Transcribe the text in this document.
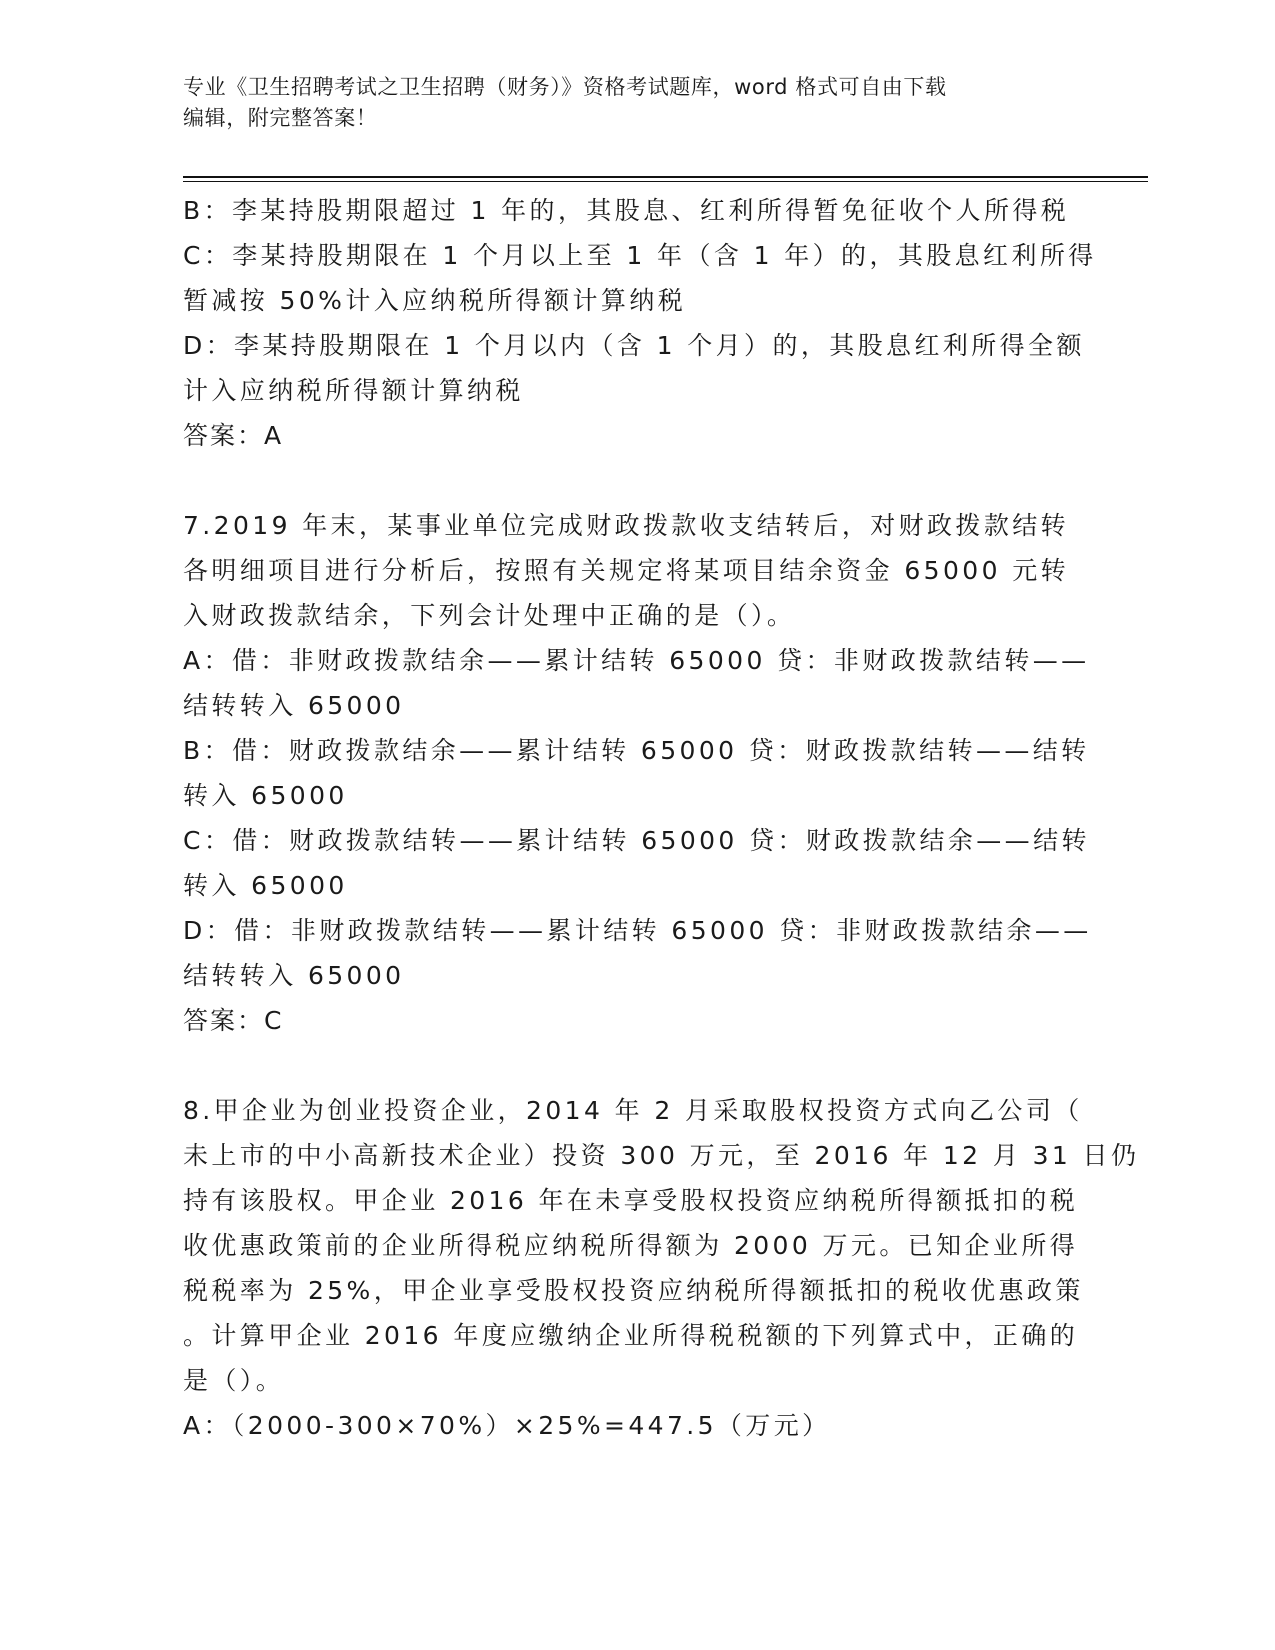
专业《卫生招聘考试之卫生招聘（财务）》资格考试题库，word 格式可自由下载
编辑，附完整答案！
B：李某持股期限超过 1 年的，其股息、红利所得暂免征收个人所得税
C：李某持股期限在 1 个月以上至 1 年（含 1 年）的，其股息红利所得
暂减按 50%计入应纳税所得额计算纳税
D：李某持股期限在 1 个月以内（含 1 个月）的，其股息红利所得全额
计入应纳税所得额计算纳税
答案：A
7.2019 年末，某事业单位完成财政拨款收支结转后，对财政拨款结转
各明细项目进行分析后，按照有关规定将某项目结余资金 65000 元转
入财政拨款结余，下列会计处理中正确的是（）。
A：借：非财政拨款结余——累计结转 65000 贷：非财政拨款结转——
结转转入 65000
B：借：财政拨款结余——累计结转 65000 贷：财政拨款结转——结转
转入 65000
C：借：财政拨款结转——累计结转 65000 贷：财政拨款结余——结转
转入 65000
D：借：非财政拨款结转——累计结转 65000 贷：非财政拨款结余——
结转转入 65000
答案：C
8.甲企业为创业投资企业，2014 年 2 月采取股权投资方式向乙公司（
未上市的中小高新技术企业）投资 300 万元，至 2016 年 12 月 31 日仍
持有该股权。甲企业 2016 年在未享受股权投资应纳税所得额抵扣的税
收优惠政策前的企业所得税应纳税所得额为 2000 万元。已知企业所得
税税率为 25%，甲企业享受股权投资应纳税所得额抵扣的税收优惠政策
。计算甲企业 2016 年度应缴纳企业所得税税额的下列算式中，正确的
是（）。
A：（2000-300×70%）×25%=447.5（万元）
